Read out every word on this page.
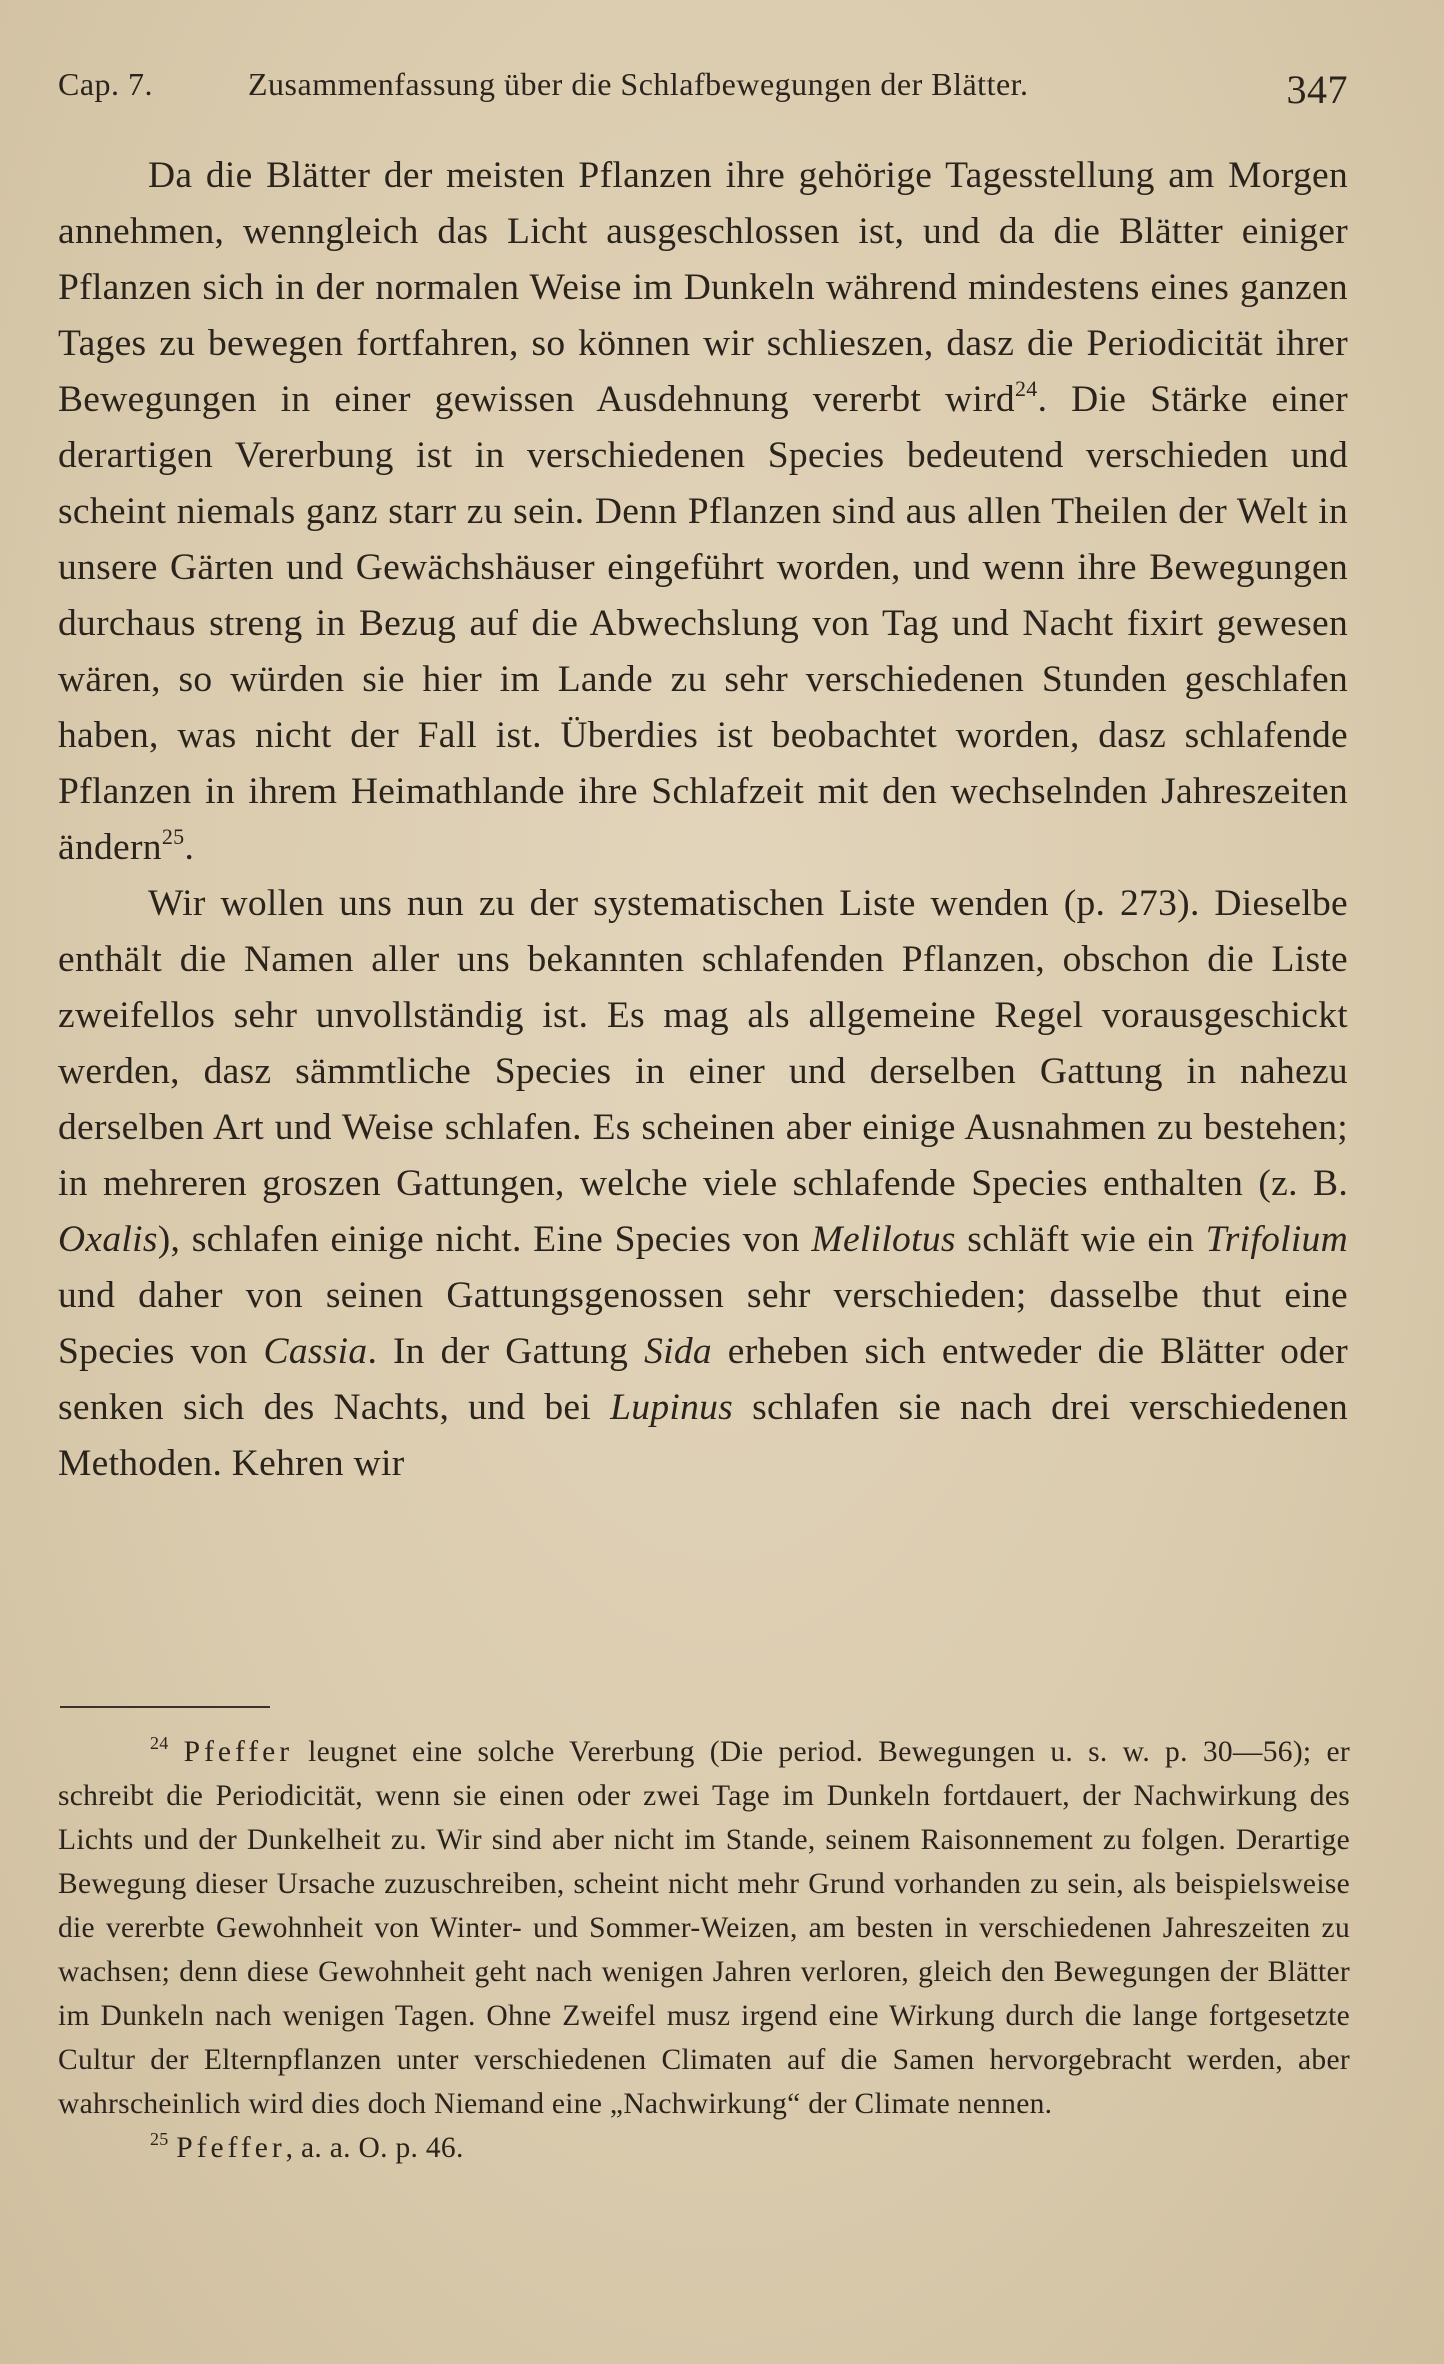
Cap. 7.	Zusammenfassung über die Schlafbewegungen der Blätter.	347

Da die Blätter der meisten Pflanzen ihre gehörige Tagesstellung am Morgen annehmen, wenngleich das Licht ausgeschlossen ist, und da die Blätter einiger Pflanzen sich in der normalen Weise im Dunkeln während mindestens eines ganzen Tages zu bewegen fortfahren, so können wir schlieszen, dasz die Periodicität ihrer Bewegungen in einer gewissen Ausdehnung vererbt wird$^{24}$. Die Stärke einer derartigen Vererbung ist in verschiedenen Species bedeutend verschieden und scheint niemals ganz starr zu sein. Denn Pflanzen sind aus allen Theilen der Welt in unsere Gärten und Gewächshäuser eingeführt worden, und wenn ihre Bewegungen durchaus streng in Bezug auf die Abwechslung von Tag und Nacht fixirt gewesen wären, so würden sie hier im Lande zu sehr verschiedenen Stunden geschlafen haben, was nicht der Fall ist. Überdies ist beobachtet worden, dasz schlafende Pflanzen in ihrem Heimathlande ihre Schlafzeit mit den wechselnden Jahreszeiten ändern$^{25}$.

Wir wollen uns nun zu der systematischen Liste wenden (p. 273). Dieselbe enthält die Namen aller uns bekannten schlafenden Pflanzen, obschon die Liste zweifellos sehr unvollständig ist. Es mag als allgemeine Regel vorausgeschickt werden, dasz sämmtliche Species in einer und derselben Gattung in nahezu derselben Art und Weise schlafen. Es scheinen aber einige Ausnahmen zu bestehen; in mehreren groszen Gattungen, welche viele schlafende Species enthalten (z. B. Oxalis), schlafen einige nicht. Eine Species von Melilotus schläft wie ein Trifolium und daher von seinen Gattungsgenossen sehr verschieden; dasselbe thut eine Species von Cassia. In der Gattung Sida erheben sich entweder die Blätter oder senken sich des Nachts, und bei Lupinus schlafen sie nach drei verschiedenen Methoden. Kehren wir

$^{24}$ Pfeffer leugnet eine solche Vererbung (Die period. Bewegungen u. s. w. p. 30—56); er schreibt die Periodicität, wenn sie einen oder zwei Tage im Dunkeln fortdauert, der Nachwirkung des Lichts und der Dunkelheit zu. Wir sind aber nicht im Stande, seinem Raisonnement zu folgen. Derartige Bewegung dieser Ursache zuzuschreiben, scheint nicht mehr Grund vorhanden zu sein, als beispielsweise die vererbte Gewohnheit von Winter- und Sommer-Weizen, am besten in verschiedenen Jahreszeiten zu wachsen; denn diese Gewohnheit geht nach wenigen Jahren verloren, gleich den Bewegungen der Blätter im Dunkeln nach wenigen Tagen. Ohne Zweifel musz irgend eine Wirkung durch die lange fortgesetzte Cultur der Elternpflanzen unter verschiedenen Climaten auf die Samen hervorgebracht werden, aber wahrscheinlich wird dies doch Niemand eine „Nachwirkung“ der Climate nennen.

$^{25}$ Pfeffer, a. a. O. p. 46.
